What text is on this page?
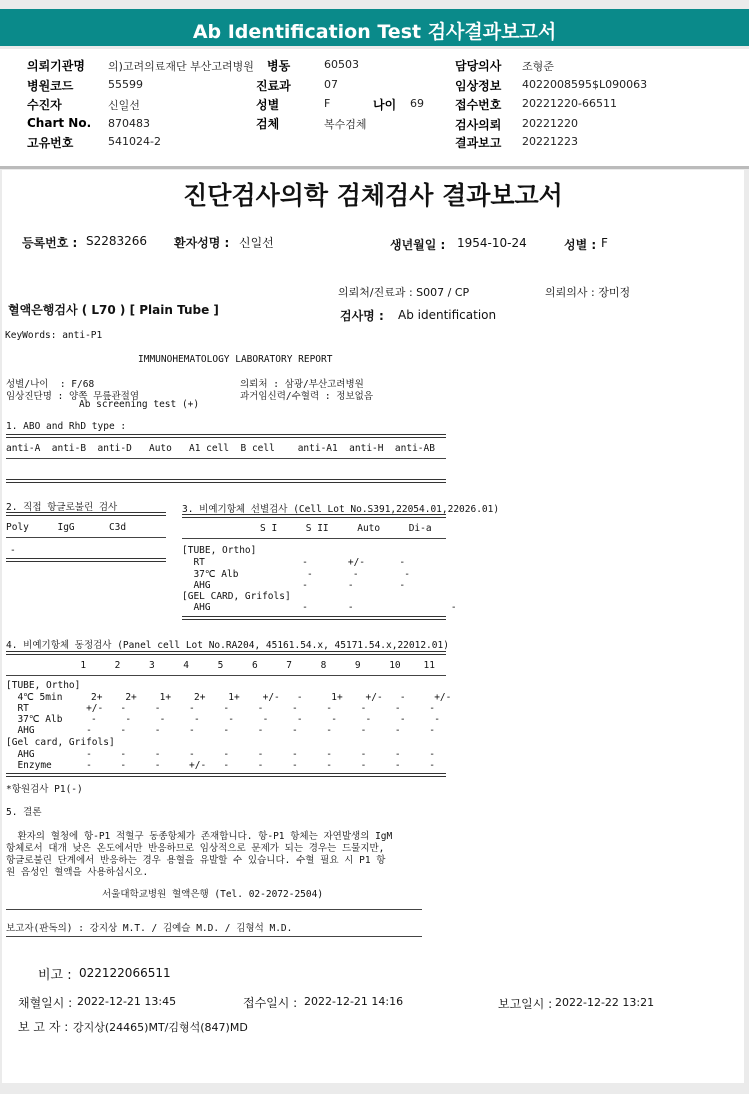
Ab Identification Test 검사결과보고서
의뢰기관명 의)고려의료재단 부산고려병원
병원코드	55599
수진자	신일선
Chart No. 870483
고유번호	541024-2
병동	60503
진료과	07
성별	F	나이 69
검체	복수검체
담당의사 조형준
임상정보 4022008595$L090063
접수번호 20221220-66511
검사의뢰 20221220
결과보고 20221223
진단검사의학 검체검사 결과보고서
등록번호 : S2283266 환자성명 : 신일선	생년월일 : 1954-10-24	성별 : F
의뢰처/진료과 : S007 / CP	의뢰의사 : 장미정
혈액은행검사 ( L70 ) [ Plain Tube ]	검사명 : Ab identification
KeyWords: anti-P1
IMMUNOHEMATOLOGY LABORATORY REPORT
성별/나이  : F/68
임상진단명 : 양쪽 무릎관절염
Ab screening test (+)
의뢰처 : 삼광/부산고려병원
과거임신력/수혈력 : 정보없음
1. ABO and RhD type :
anti-A  anti-B  anti-D   Auto   A1 cell  B cell    anti-A1  anti-H  anti-AB
2. 직접 항글로불린 검사
Poly     IgG      C3d
-
3. 비예기항체 선별검사 (Cell Lot No.S391,22054.01,22026.01)
S I     S II     Auto     Di-a
[TUBE, Ortho]
RT                 -       +/-      -
37℃ Alb            -       -        -
AHG                -       -        -
[GEL CARD, Grifols]
AHG                -       -                 -
4. 비예기항체 동정검사 (Panel cell Lot No.RA204, 45161.54.x, 45171.54.x,22012.01)
1     2     3     4     5     6     7     8     9     10    11
[TUBE, Ortho]
4℃ 5min     2+    2+    1+    2+    1+    +/-   -     1+    +/-   -     +/-
RT          +/-   -     -     -     -     -     -     -     -     -     -
37℃ Alb     -     -     -     -     -     -     -     -     -     -     -
AHG         -     -     -     -     -     -     -     -     -     -     -
[Gel card, Grifols]
AHG         -     -     -     -     -     -     -     -     -     -     -
Enzyme      -     -     -     +/-   -     -     -     -     -     -     -
*항원검사 P1(-)
5. 결론
환자의 혈청에 항-P1 적혈구 동종항체가 존재합니다. 항-P1 항체는 자연발생의 IgM
항체로서 대개 낮은 온도에서만 반응하므로 임상적으로 문제가 되는 경우는 드물지만,
항글로불린 단계에서 반응하는 경우 용혈을 유발할 수 있습니다. 수혈 필요 시 P1 항
원 음성인 혈액을 사용하십시오.
서울대학교병원 혈액은행 (Tel. 02-2072-2504)
보고자(판독의) : 강지상 M.T. / 김예슬 M.D. / 김형석 M.D.
비고 : 022122066511
채혈일시 : 2022-12-21 13:45	접수일시 : 2022-12-21 14:16	보고일시 : 2022-12-22 13:21
보 고 자 : 강지상(24465)MT/김형석(847)MD
